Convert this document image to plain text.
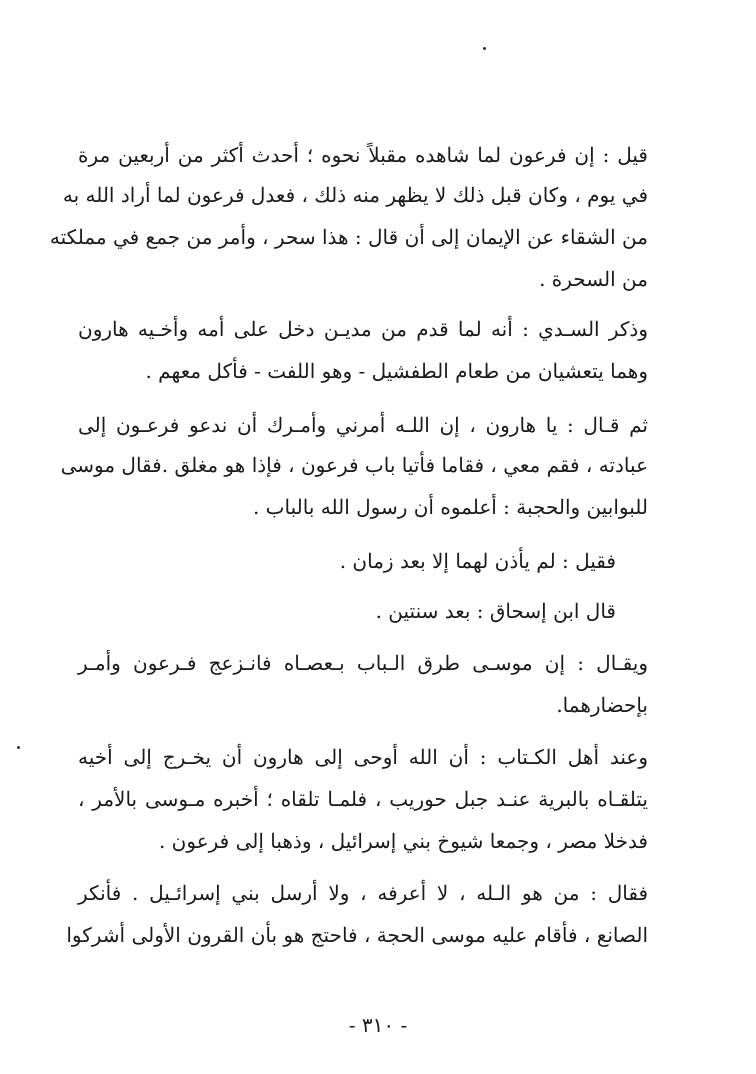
قيل : إن فرعون لما شاهده مقبلاً نحوه ؛ أحدث أكثر من أربعين مرة
في يوم ، وكان قبل ذلك لا يظهر منه ذلك ، فعدل فرعون لما أراد الله به
من الشقاء عن الإيمان إلى أن قال : هذا سحر ، وأمر من جمع في مملكته
من السحرة .
وذكر السـدي : أنه لما قدم من مديـن دخل على أمه وأخـيه هارون
وهما يتعشيان من طعام الطفشيل - وهو اللفت - فأكل معهم .
ثم قـال : يا هارون ، إن اللـه أمرني وأمـرك أن ندعو فرعـون إلى
عبادته ، فقم معي ، فقاما فأتيا باب فرعون ، فإذا هو مغلق .فقال موسى
للبوابين والحجبة : أعلموه أن رسول الله بالباب .
فقيل : لم يأذن لهما إلا بعد زمان .
قال ابن إسحاق : بعد سنتين .
ويقـال : إن موسـى طرق الـباب بـعصـاه فانـزعج فـرعون وأمـر
بإحضارهما.
وعند أهل الكـتاب : أن الله أوحى إلى هارون أن يخـرج إلى أخيه
يتلقـاه بالبرية عنـد جبل حوريب ، فلمـا تلقاه ؛ أخبره مـوسى بالأمر ،
فدخلا مصر ، وجمعا شيوخ بني إسرائيل ، وذهبا إلى فرعون .
فقال : من هو الـله ، لا أعرفه ، ولا أرسل بني إسرائـيل . فأنكر
الصانع ، فأقام عليه موسى الحجة ، فاحتج هو بأن القرون الأولى أشركوا
- ٣١٠ -
